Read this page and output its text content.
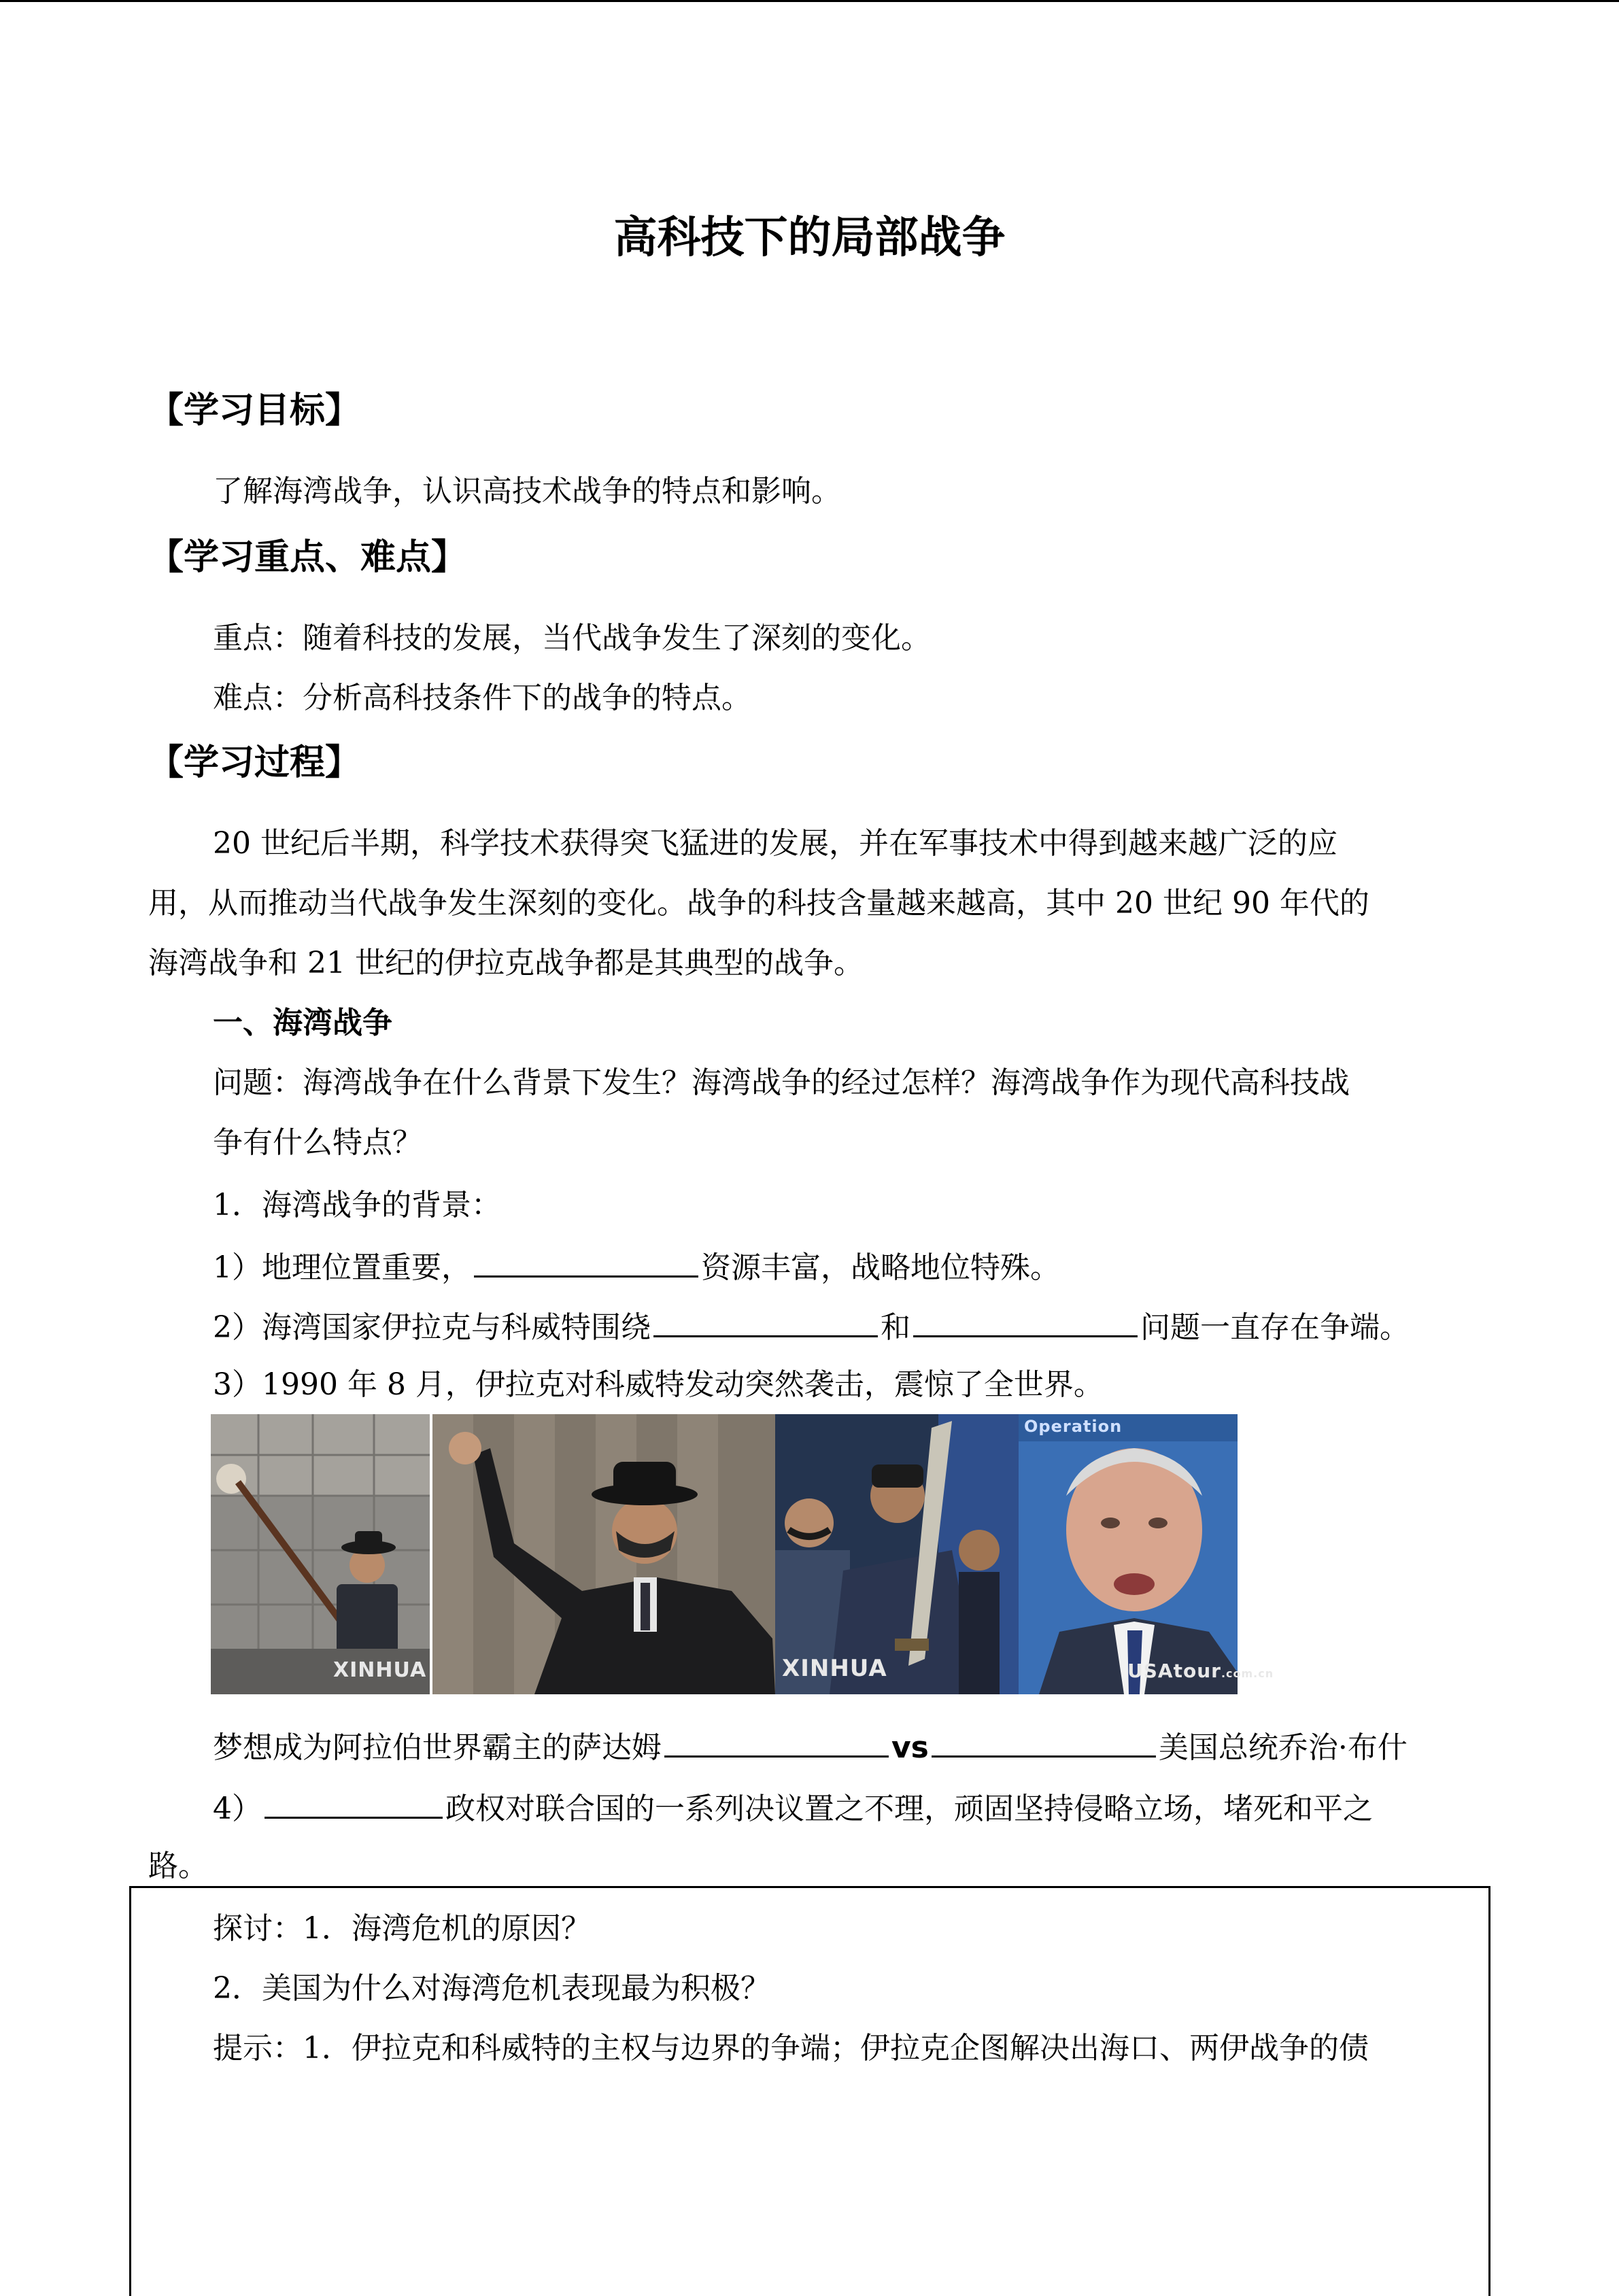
高科技下的局部战争
【学习目标】
了解海湾战争，认识高技术战争的特点和影响。
【学习重点、难点】
重点：随着科技的发展，当代战争发生了深刻的变化。
难点：分析高科技条件下的战争的特点。
【学习过程】
20 世纪后半期，科学技术获得突飞猛进的发展，并在军事技术中得到越来越广泛的应
用，从而推动当代战争发生深刻的变化。战争的科技含量越来越高，其中 20 世纪 90 年代的
海湾战争和 21 世纪的伊拉克战争都是其典型的战争。
一、海湾战争
问题：海湾战争在什么背景下发生？海湾战争的经过怎样？海湾战争作为现代高科技战
争有什么特点？
1．海湾战争的背景：
1）地理位置重要，	资源丰富，战略地位特殊。
2）海湾国家伊拉克与科威特围绕	和	问题一直存在争端。
3）1990 年 8 月，伊拉克对科威特发动突然袭击，震惊了全世界。
XINHUA	XINHUA
Operation
USAtour.com.cn
梦想成为阿拉伯世界霸主的萨达姆	vs	美国总统乔治·布什
4）	政权对联合国的一系列决议置之不理，顽固坚持侵略立场，堵死和平之
路。
探讨：1．海湾危机的原因？
2．美国为什么对海湾危机表现最为积极？
提示：1．伊拉克和科威特的主权与边界的争端；伊拉克企图解决出海口、两伊战争的债
